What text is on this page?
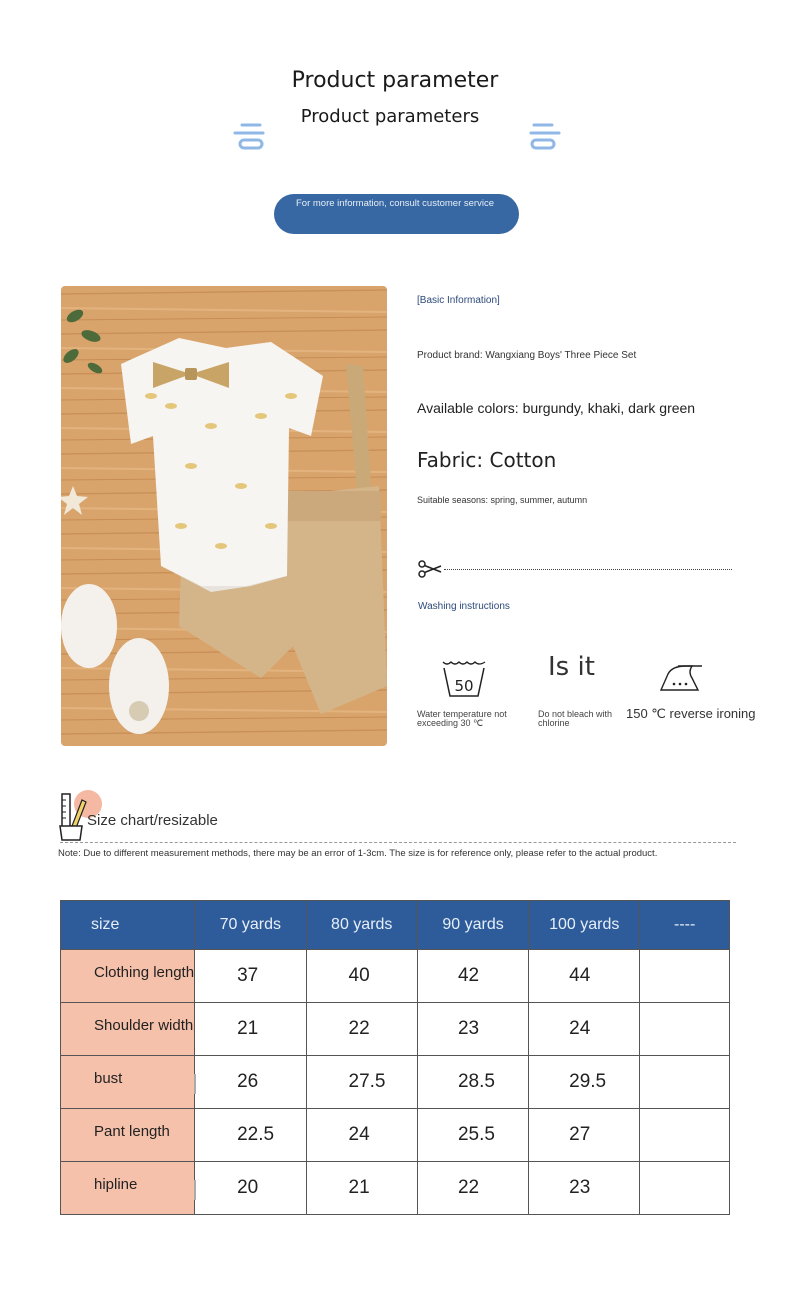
Product parameter
Product parameters
For more information, consult customer service
[Basic Information]
Product brand: Wangxiang Boys' Three Piece Set
Available colors: burgundy, khaki, dark green
Fabric: Cotton
Suitable seasons: spring, summer, autumn
Washing instructions
50
Is it
Water temperature not exceeding 30 ℃
Do not bleach with chlorine
150 ℃ reverse ironing
Size chart/resizable
Note: Due to different measurement methods, there may be an error of 1-3cm. The size is for reference only, please refer to the actual product.
size	70 yards	80 yards	90 yards	100 yards	----
Clothing length	37	40	42	44	
Shoulder width	21	22	23	24	
bust	26	27.5	28.5	29.5	
Pant length	22.5	24	25.5	27	
hipline	20	21	22	23	
